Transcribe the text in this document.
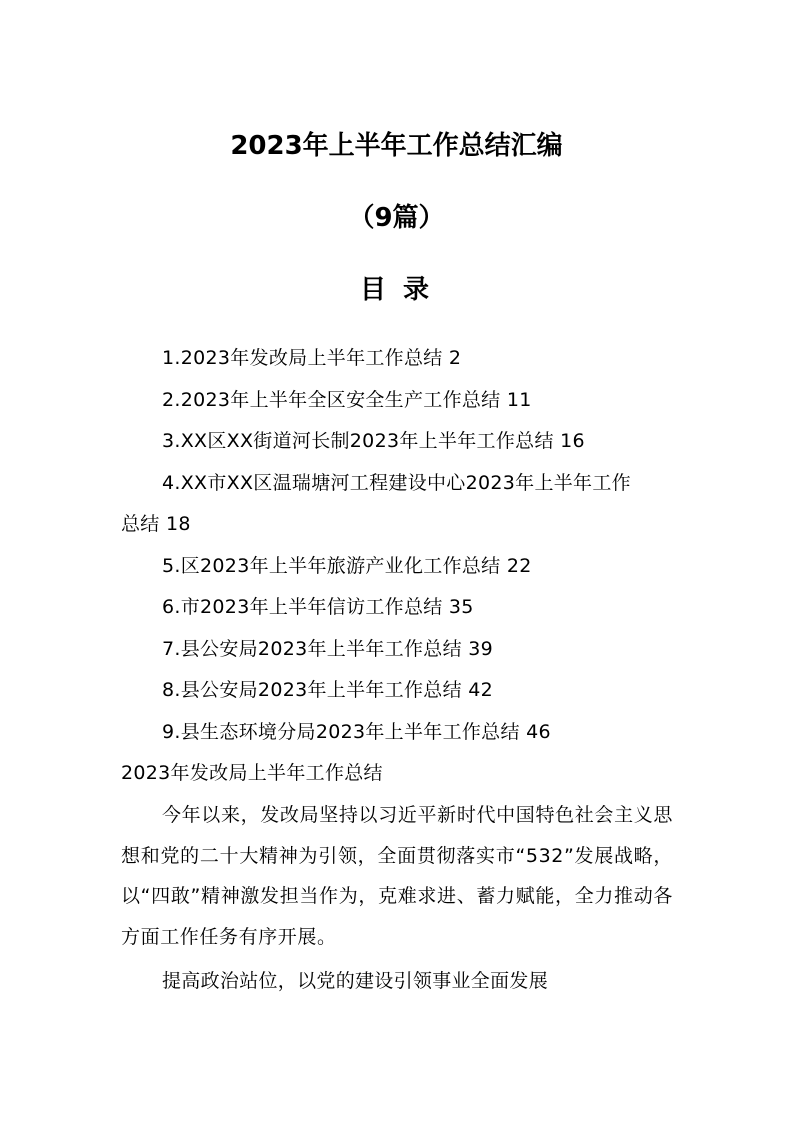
2023年上半年工作总结汇编
（9篇）
目 录
1.2023年发改局上半年工作总结 2
2.2023年上半年全区安全生产工作总结 11
3.XX区XX街道河长制2023年上半年工作总结 16
4.XX市XX区温瑞塘河工程建设中心2023年上半年工作
总结 18
5.区2023年上半年旅游产业化工作总结 22
6.市2023年上半年信访工作总结 35
7.县公安局2023年上半年工作总结 39
8.县公安局2023年上半年工作总结 42
9.县生态环境分局2023年上半年工作总结 46
2023年发改局上半年工作总结
今年以来，发改局坚持以习近平新时代中国特色社会主义思想和党的二十大精神为引领，全面贯彻落实市“532”发展战略，以“四敢”精神激发担当作为，克难求进、蓄力赋能，全力推动各方面工作任务有序开展。
提高政治站位，以党的建设引领事业全面发展
